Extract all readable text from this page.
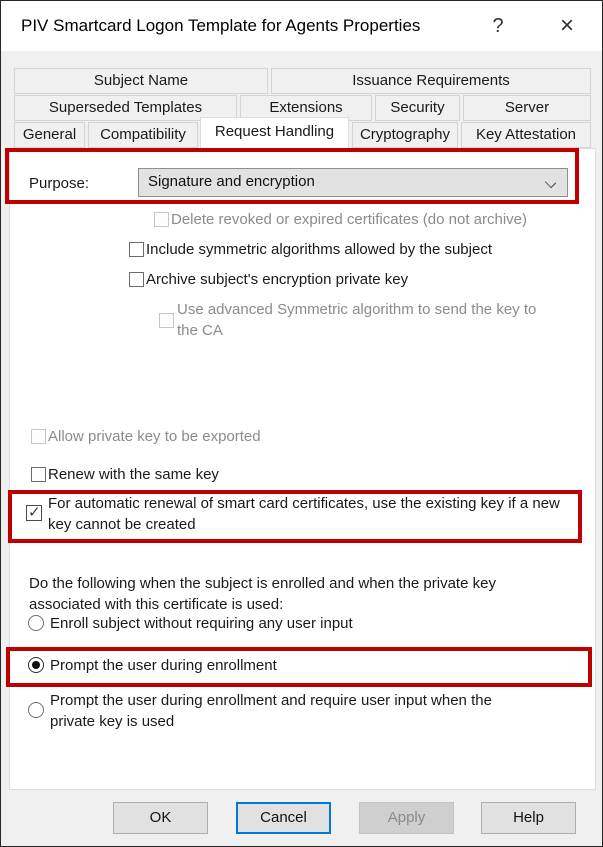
PIV Smartcard Logon Template for Agents Properties	?	×
Subject Name	Issuance Requirements
Superseded Templates	Extensions	Security	Server
General	Compatibility	Request Handling	Cryptography	Key Attestation
Purpose:	Signature and encryption
Delete revoked or expired certificates (do not archive)
Include symmetric algorithms allowed by the subject
Archive subject's encryption private key
Use advanced Symmetric algorithm to send the key to the CA
Allow private key to be exported
Renew with the same key
✓
For automatic renewal of smart card certificates, use the existing key if a new key cannot be created
Do the following when the subject is enrolled and when the private key associated with this certificate is used:
Enroll subject without requiring any user input
Prompt the user during enrollment
Prompt the user during enrollment and require user input when the private key is used
OK	Cancel	Apply	Help
